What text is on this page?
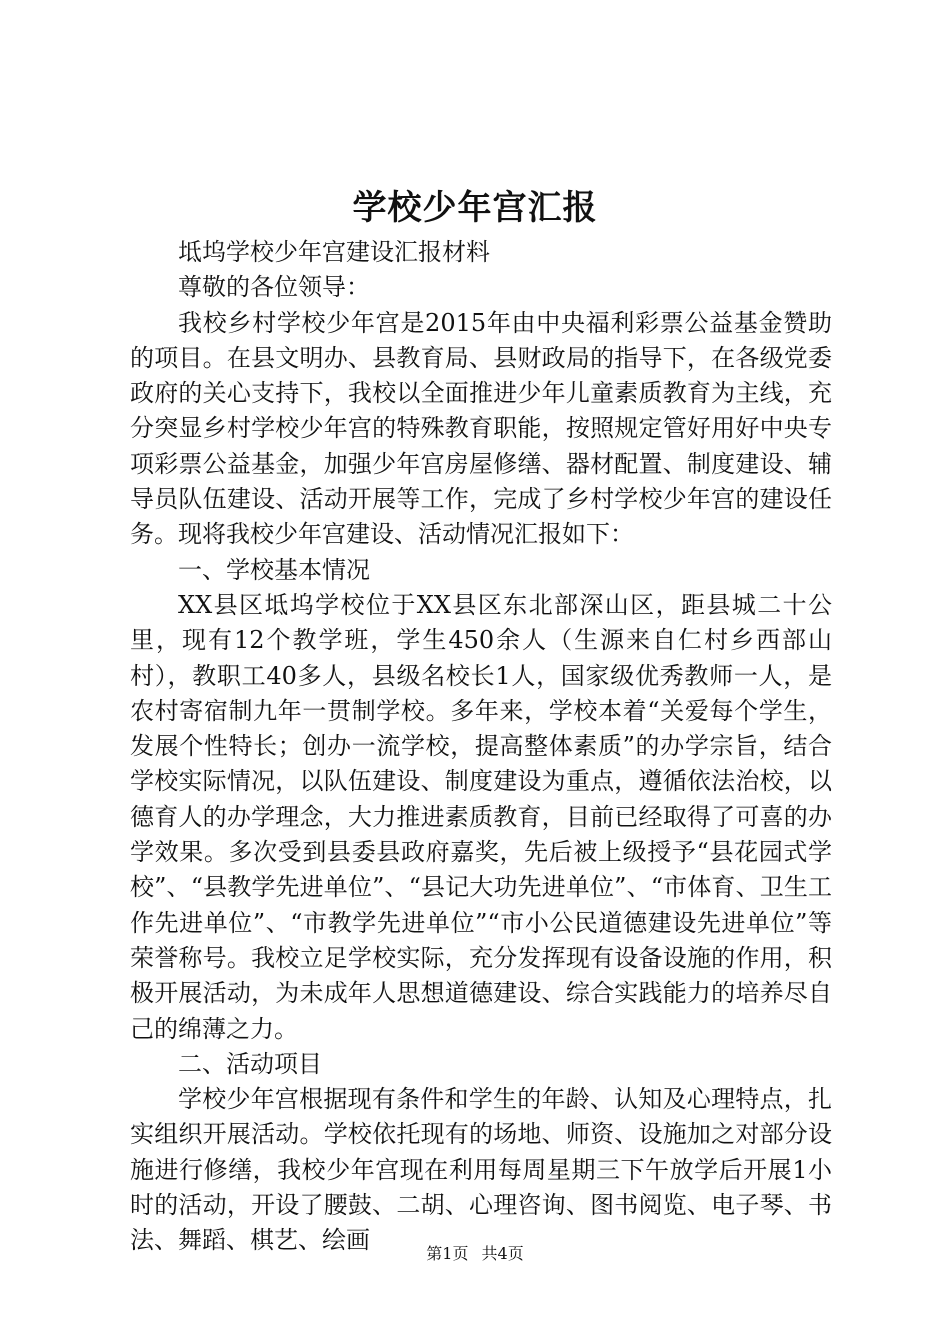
学校少年宫汇报

坻坞学校少年宫建设汇报材料

尊敬的各位领导：

我校乡村学校少年宫是2015年由中央福利彩票公益基金赞助的项目。在县文明办、县教育局、县财政局的指导下，在各级党委政府的关心支持下，我校以全面推进少年儿童素质教育为主线，充分突显乡村学校少年宫的特殊教育职能，按照规定管好用好中央专项彩票公益基金，加强少年宫房屋修缮、器材配置、制度建设、辅导员队伍建设、活动开展等工作，完成了乡村学校少年宫的建设任务。现将我校少年宫建设、活动情况汇报如下：

一、学校基本情况

XX县区坻坞学校位于XX县区东北部深山区，距县城二十公里，现有12个教学班，学生450余人（生源来自仁村乡西部山村），教职工40多人，县级名校长1人，国家级优秀教师一人，是农村寄宿制九年一贯制学校。多年来，学校本着“关爱每个学生，发展个性特长；创办一流学校，提高整体素质”的办学宗旨，结合学校实际情况，以队伍建设、制度建设为重点，遵循依法治校，以德育人的办学理念，大力推进素质教育，目前已经取得了可喜的办学效果。多次受到县委县政府嘉奖，先后被上级授予“县花园式学校”、“县教学先进单位”、“县记大功先进单位”、“市体育、卫生工作先进单位”、“市教学先进单位”“市小公民道德建设先进单位”等荣誉称号。我校立足学校实际，充分发挥现有设备设施的作用，积极开展活动，为未成年人思想道德建设、综合实践能力的培养尽自己的绵薄之力。

二、活动项目

学校少年宫根据现有条件和学生的年龄、认知及心理特点，扎实组织开展活动。学校依托现有的场地、师资、设施加之对部分设施进行修缮，我校少年宫现在利用每周星期三下午放学后开展1小时的活动，开设了腰鼓、二胡、心理咨询、图书阅览、电子琴、书法、舞蹈、棋艺、绘画	第1页 共4页
